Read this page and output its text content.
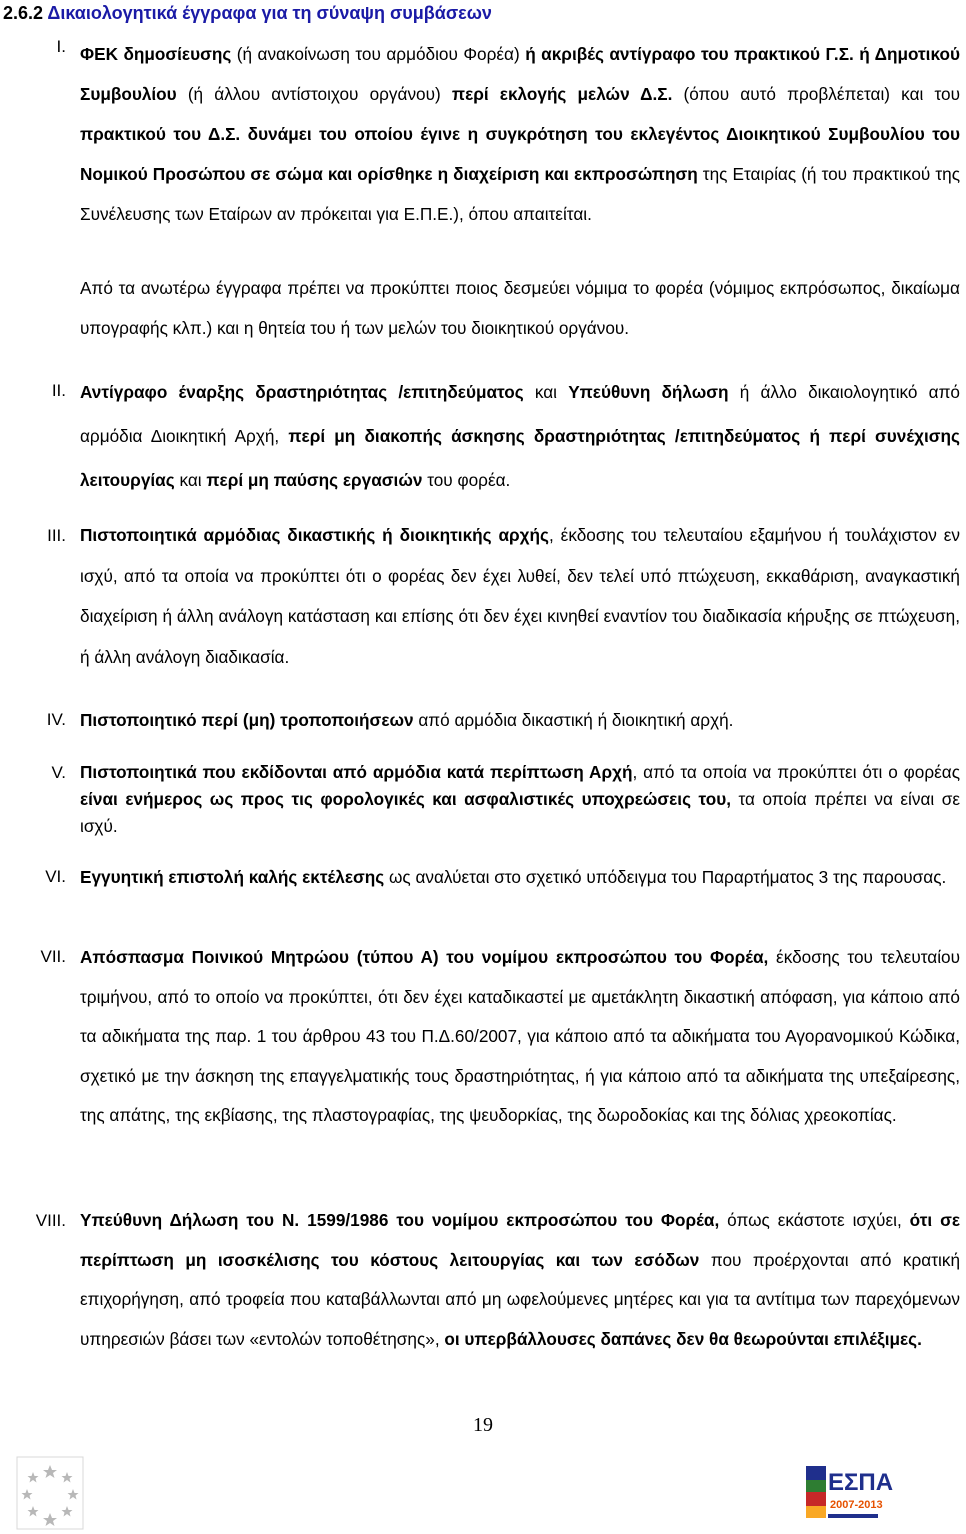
2.6.2 Δικαιολογητικά έγγραφα για τη σύναψη συμβάσεων
I. ΦΕΚ δημοσίευσης (ή ανακοίνωση του αρμόδιου Φορέα) ή ακριβές αντίγραφο του πρακτικού Γ.Σ. ή Δημοτικού Συμβουλίου (ή άλλου αντίστοιχου οργάνου) περί εκλογής μελών Δ.Σ. (όπου αυτό προβλέπεται) και του πρακτικού του Δ.Σ. δυνάμει του οποίου έγινε η συγκρότηση του εκλεγέντος Διοικητικού Συμβουλίου του Νομικού Προσώπου σε σώμα και ορίσθηκε η διαχείριση και εκπροσώπηση της Εταιρίας (ή του πρακτικού της Συνέλευσης των Εταίρων αν πρόκειται για Ε.Π.Ε.), όπου απαιτείται.

Από τα ανωτέρω έγγραφα πρέπει να προκύπτει ποιος δεσμεύει νόμιμα το φορέα (νόμιμος εκπρόσωπος, δικαίωμα υπογραφής κλπ.) και η θητεία του ή των μελών του διοικητικού οργάνου.

II. Αντίγραφο έναρξης δραστηριότητας /επιτηδεύματος και Υπεύθυνη δήλωση ή άλλο δικαιολογητικό από αρμόδια Διοικητική Αρχή, περί μη διακοπής άσκησης δραστηριότητας /επιτηδεύματος ή περί συνέχισης λειτουργίας και περί μη παύσης εργασιών του φορέα.

III. Πιστοποιητικά αρμόδιας δικαστικής ή διοικητικής αρχής, έκδοσης του τελευταίου εξαμήνου ή τουλάχιστον εν ισχύ, από τα οποία να προκύπτει ότι ο φορέας δεν έχει λυθεί, δεν τελεί υπό πτώχευση, εκκαθάριση, αναγκαστική διαχείριση ή άλλη ανάλογη κατάσταση και επίσης ότι δεν έχει κινηθεί εναντίον του διαδικασία κήρυξης σε πτώχευση, ή άλλη ανάλογη διαδικασία.

IV. Πιστοποιητικό περί (μη) τροποποιήσεων από αρμόδια δικαστική ή διοικητική αρχή.

V. Πιστοποιητικά που εκδίδονται από αρμόδια κατά περίπτωση Αρχή, από τα οποία να προκύπτει ότι ο φορέας είναι ενήμερος ως προς τις φορολογικές και ασφαλιστικές υποχρεώσεις του, τα οποία πρέπει να είναι σε ισχύ.

VI. Εγγυητική επιστολή καλής εκτέλεσης ως αναλύεται στο σχετικό υπόδειγμα του Παραρτήματος 3 της παρουσας.

VII. Απόσπασμα Ποινικού Μητρώου (τύπου Α) του νομίμου εκπροσώπου του Φορέα, έκδοσης του τελευταίου τριμήνου, από το οποίο να προκύπτει, ότι δεν έχει καταδικαστεί με αμετάκλητη δικαστική απόφαση, για κάποιο από τα αδικήματα της παρ. 1 του άρθρου 43 του Π.Δ.60/2007, για κάποιο από τα αδικήματα του Αγορανομικού Κώδικα, σχετικό με την άσκηση της επαγγελματικής τους δραστηριότητας, ή για κάποιο από τα αδικήματα της υπεξαίρεσης, της απάτης, της εκβίασης, της πλαστογραφίας, της ψευδορκίας, της δωροδοκίας και της δόλιας χρεοκοπίας.

VIII. Υπεύθυνη Δήλωση του Ν. 1599/1986 του νομίμου εκπροσώπου του Φορέα, όπως εκάστοτε ισχύει, ότι σε περίπτωση μη ισοσκέλισης του κόστους λειτουργίας και των εσόδων που προέρχονται από κρατική επιχορήγηση, από τροφεία που καταβάλλωνται από μη ωφελούμενες μητέρες και για τα αντίτιμα των παρεχόμενων υπηρεσιών βάσει των «εντολών τοποθέτησης», οι υπερβάλλουσες δαπάνες δεν θα θεωρούνται επιλέξιμες.

19
ΕΣΠΑ
2007-2013
